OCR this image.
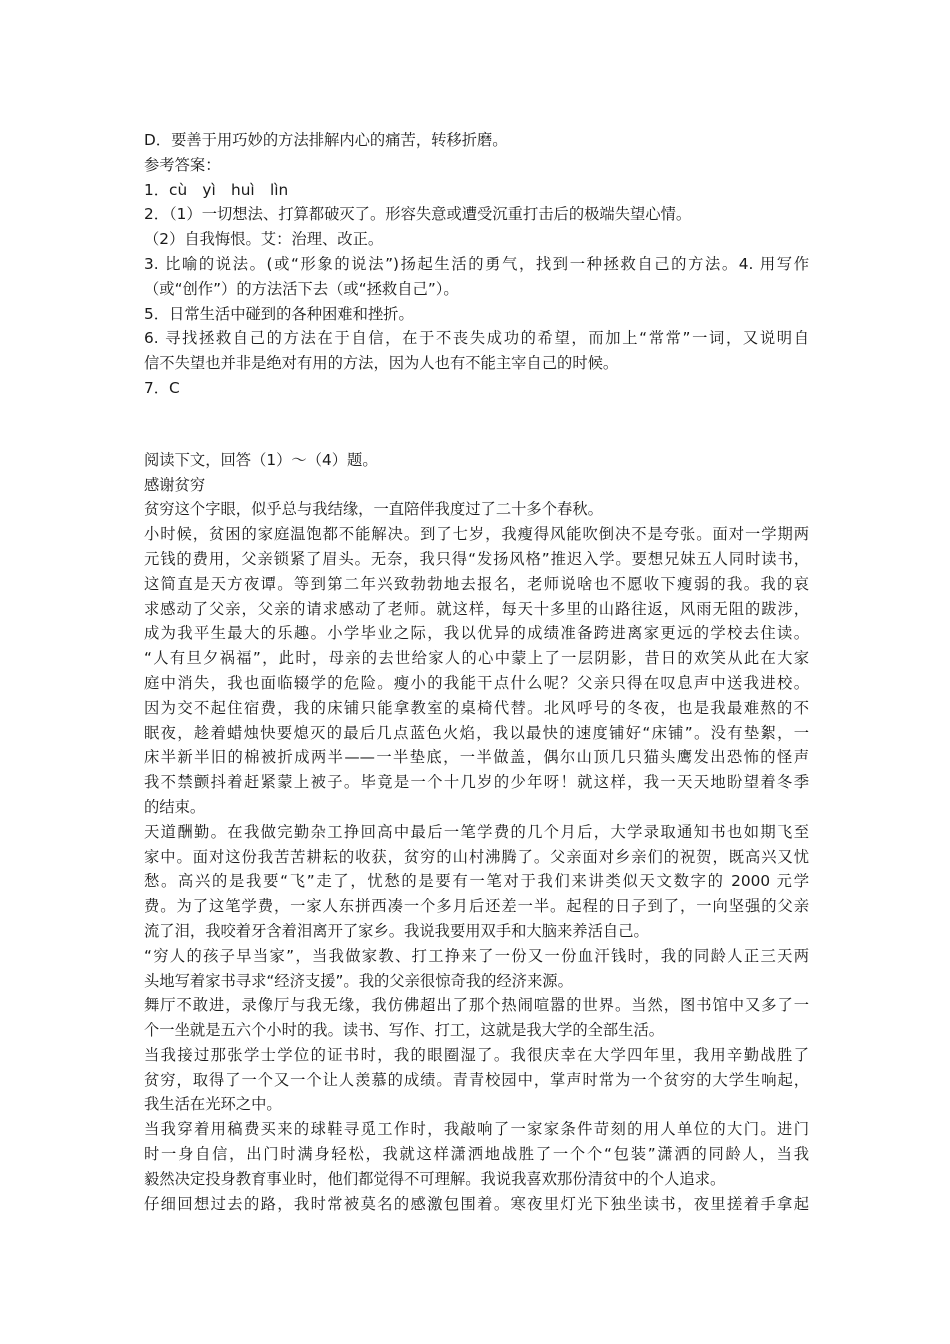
D．要善于用巧妙的方法排解内心的痛苦，转移折磨。
参考答案：
1．cù　yì　huì　lìn
2．（1）一切想法、打算都破灭了。形容失意或遭受沉重打击后的极端失望心情。
（2）自我悔恨。艾：治理、改正。
3. 比喻的说法。(或“形象的说法”)扬起生活的勇气，找到一种拯救自己的方法。4. 用写作
（或“创作”）的方法活下去（或“拯救自己”）。
5．日常生活中碰到的各种困难和挫折。
6. 寻找拯救自己的方法在于自信，在于不丧失成功的希望，而加上“常常”一词，又说明自
信不失望也并非是绝对有用的方法，因为人也有不能主宰自己的时候。
7．C
阅读下文，回答（1）～（4）题。
感谢贫穷
贫穷这个字眼，似乎总与我结缘，一直陪伴我度过了二十多个春秋。
小时候，贫困的家庭温饱都不能解决。到了七岁，我瘦得风能吹倒决不是夸张。面对一学期两
元钱的费用，父亲锁紧了眉头。无奈，我只得“发扬风格”推迟入学。要想兄妹五人同时读书，
这简直是天方夜谭。等到第二年兴致勃勃地去报名，老师说啥也不愿收下瘦弱的我。我的哀
求感动了父亲，父亲的请求感动了老师。就这样，每天十多里的山路往返，风雨无阻的跋涉，
成为我平生最大的乐趣。小学毕业之际，我以优异的成绩准备跨进离家更远的学校去住读。
“人有旦夕祸福”，此时，母亲的去世给家人的心中蒙上了一层阴影，昔日的欢笑从此在大家
庭中消失，我也面临辍学的危险。瘦小的我能干点什么呢？父亲只得在叹息声中送我进校。
因为交不起住宿费，我的床铺只能拿教室的桌椅代替。北风呼号的冬夜，也是我最难熬的不
眠夜，趁着蜡烛快要熄灭的最后几点蓝色火焰，我以最快的速度铺好“床铺”。没有垫絮，一
床半新半旧的棉被折成两半——一半垫底，一半做盖，偶尔山顶几只猫头鹰发出恐怖的怪声
我不禁颤抖着赶紧蒙上被子。毕竟是一个十几岁的少年呀！就这样，我一天天地盼望着冬季
的结束。
天道酬勤。在我做完勤杂工挣回高中最后一笔学费的几个月后，大学录取通知书也如期飞至
家中。面对这份我苦苦耕耘的收获，贫穷的山村沸腾了。父亲面对乡亲们的祝贺，既高兴又忧
愁。高兴的是我要“飞”走了，忧愁的是要有一笔对于我们来讲类似天文数字的 2000 元学
费。为了这笔学费，一家人东拼西凑一个多月后还差一半。起程的日子到了，一向坚强的父亲
流了泪，我咬着牙含着泪离开了家乡。我说我要用双手和大脑来养活自己。
“穷人的孩子早当家”，当我做家教、打工挣来了一份又一份血汗钱时，我的同龄人正三天两
头地写着家书寻求“经济支援”。我的父亲很惊奇我的经济来源。
舞厅不敢进，录像厅与我无缘，我仿佛超出了那个热闹喧嚣的世界。当然，图书馆中又多了一
个一坐就是五六个小时的我。读书、写作、打工，这就是我大学的全部生活。
当我接过那张学士学位的证书时，我的眼圈湿了。我很庆幸在大学四年里，我用辛勤战胜了
贫穷，取得了一个又一个让人羡慕的成绩。青青校园中，掌声时常为一个贫穷的大学生响起，
我生活在光环之中。
当我穿着用稿费买来的球鞋寻觅工作时，我敲响了一家家条件苛刻的用人单位的大门。进门
时一身自信，出门时满身轻松，我就这样潇洒地战胜了一个个“包装”潇洒的同龄人，当我
毅然决定投身教育事业时，他们都觉得不可理解。我说我喜欢那份清贫中的个人追求。
仔细回想过去的路，我时常被莫名的感激包围着。寒夜里灯光下独坐读书，夜里搓着手拿起
